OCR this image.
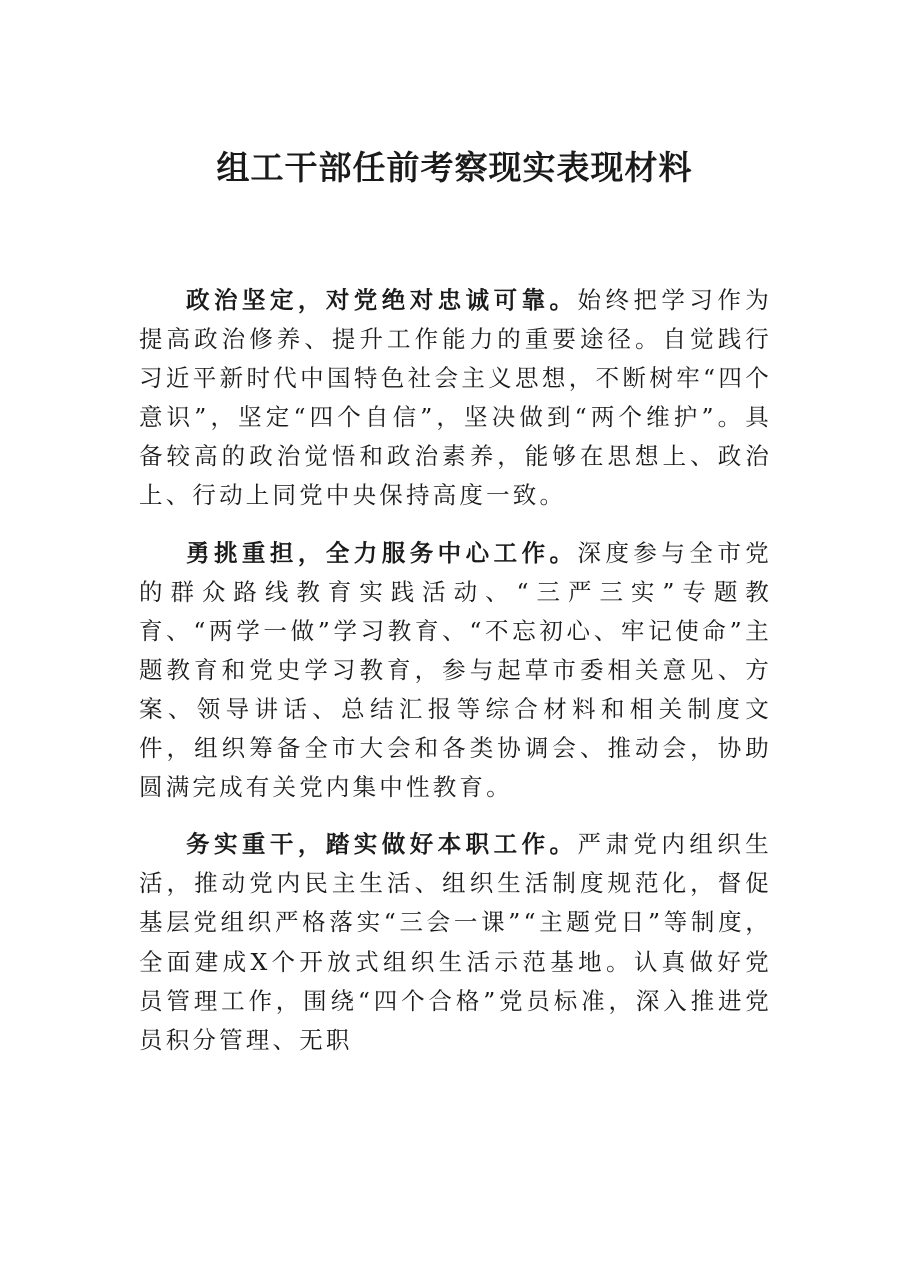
组工干部任前考察现实表现材料

政治坚定，对党绝对忠诚可靠。始终把学习作为提高政治修养、提升工作能力的重要途径。自觉践行习近平新时代中国特色社会主义思想，不断树牢“四个意识”，坚定“四个自信”，坚决做到“两个维护”。具备较高的政治觉悟和政治素养，能够在思想上、政治上、行动上同党中央保持高度一致。

勇挑重担，全力服务中心工作。深度参与全市党的群众路线教育实践活动、“三严三实”专题教育、“两学一做”学习教育、“不忘初心、牢记使命”主题教育和党史学习教育，参与起草市委相关意见、方案、领导讲话、总结汇报等综合材料和相关制度文件，组织筹备全市大会和各类协调会、推动会，协助圆满完成有关党内集中性教育。

务实重干，踏实做好本职工作。严肃党内组织生活，推动党内民主生活、组织生活制度规范化，督促基层党组织严格落实“三会一课”“主题党日”等制度，全面建成X个开放式组织生活示范基地。认真做好党员管理工作，围绕“四个合格”党员标准，深入推进党员积分管理、无职
